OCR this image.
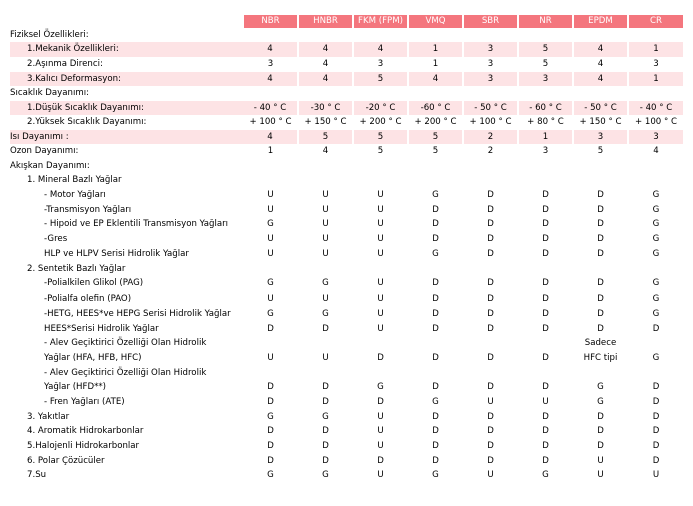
	NBR	HNBR	FKM (FPM)	VMQ	SBR	NR	EPDM	CR
Fiziksel Özellikleri:								
1.Mekanik Özellikleri:	4	4	4	1	3	5	4	1
2.Aşınma Direnci:	3	4	3	1	3	5	4	3
3.Kalıcı Deformasyon:	4	4	5	4	3	3	4	1
Sıcaklık Dayanımı:								
1.Düşük Sıcaklık Dayanımı:	- 40 ° C	-30 ° C	-20 ° C	-60 ° C	- 50 ° C	- 60 ° C	- 50 ° C	- 40 ° C
2.Yüksek Sıcaklık Dayanımı:	+ 100 ° C	+ 150 ° C	+ 200 ° C	+ 200 ° C	+ 100 ° C	+ 80 ° C	+ 150 ° C	+ 100 ° C
Isı Dayanımı :	4	5	5	5	2	1	3	3
Ozon Dayanımı:	1	4	5	5	2	3	5	4
Akışkan Dayanımı:								
1. Mineral Bazlı Yağlar								
- Motor Yağları	U	U	U	G	D	D	D	G
-Transmisyon Yağları	U	U	U	D	D	D	D	G
- Hipoid ve EP Eklentili Transmisyon Yağları	G	U	U	D	D	D	D	G
-Gres	U	U	U	D	D	D	D	G
HLP ve HLPV Serisi Hidrolik Yağlar	U	U	U	G	D	D	D	G
2. Sentetik Bazlı Yağlar								
-Polialkilen Glikol (PAG)	G	G	U	D	D	D	D	G
-Polialfa olefin (PAO)	U	U	U	D	D	D	D	G
-HETG, HEES*ve HEPG Serisi Hidrolik Yağlar	G	G	U	D	D	D	D	G
HEES*Serisi Hidrolik Yağlar	D	D	U	D	D	D	D	D
- Alev Geçiktirici Özelliği Olan Hidrolik							Sadece	
Yağlar (HFA, HFB, HFC)	U	U	D	D	D	D	HFC tipi	G
- Alev Geçiktirici Özelliği Olan Hidrolik								
Yağlar (HFD**)	D	D	G	D	D	D	G	D
- Fren Yağları (ATE)	D	D	D	G	U	U	G	D
3. Yakıtlar	G	G	U	D	D	D	D	D
4. Aromatik Hidrokarbonlar	D	D	U	D	D	D	D	D
5.Halojenli Hidrokarbonlar	D	D	U	D	D	D	D	D
6. Polar Çözücüler	D	D	D	D	D	D	U	D
7.Su	G	G	U	G	U	G	U	U
